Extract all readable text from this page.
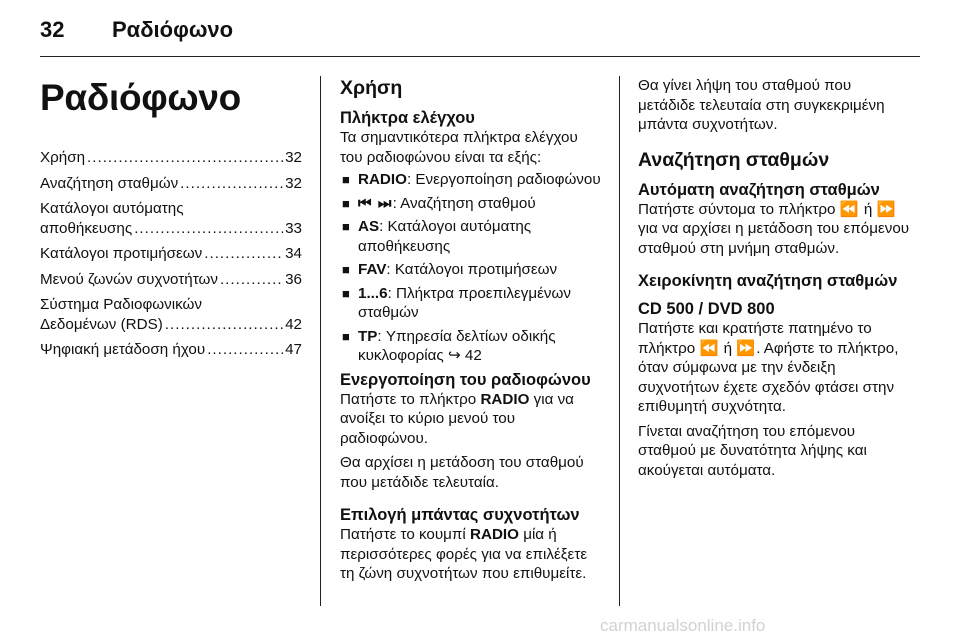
32 Ραδιόφωνο
Ραδιόφωνο
Χρήση .....	32
Αναζήτηση σταθμών .....	32
Κατάλογοι αυτόματης
αποθήκευσης .....	33
Κατάλογοι προτιμήσεων .....	34
Μενού ζωνών συχνοτήτων .....	36
Σύστημα Ραδιοφωνικών
Δεδομένων (RDS) .....	42
Ψηφιακή μετάδοση ήχου .....	47
Χρήση
Πλήκτρα ελέγχου

Τα σημαντικότερα πλήκτρα ελέγχου του ραδιοφώνου είναι τα εξής:

■ RADIO: Ενεργοποίηση ραδιοφώνου
■ ⏮ ⏭: Αναζήτηση σταθμού
■ AS: Κατάλογοι αυτόματης αποθήκευσης
■ FAV: Κατάλογοι προτιμήσεων
■ 1...6: Πλήκτρα προεπιλεγμένων σταθμών
■ TP: Υπηρεσία δελτίων οδικής κυκλοφορίας ↪ 42
Ενεργοποίηση του ραδιοφώνου

Πατήστε το πλήκτρο RADIO για να ανοίξει το κύριο μενού του ραδιοφώνου.

Θα αρχίσει η μετάδοση του σταθμού που μετάδιδε τελευταία.

Επιλογή μπάντας συχνοτήτων

Πατήστε το κουμπί RADIO μία ή περισσότερες φορές για να επιλέξετε τη ζώνη συχνοτήτων που επιθυμείτε.

Θα γίνει λήψη του σταθμού που μετάδιδε τελευταία στη συγκεκριμένη μπάντα συχνοτήτων.

Αναζήτηση σταθμών
Αυτόματη αναζήτηση σταθμών

Πατήστε σύντομα το πλήκτρο ⏪ ή ⏩ για να αρχίσει η μετάδοση του επόμενου σταθμού στη μνήμη σταθμών.

Χειροκίνητη αναζήτηση σταθμών
CD 500 / DVD 800

Πατήστε και κρατήστε πατημένο το πλήκτρο ⏪ ή ⏩. Αφήστε το πλήκτρο, όταν σύμφωνα με την ένδειξη συχνοτήτων έχετε σχεδόν φτάσει στην επιθυμητή συχνότητα.

Γίνεται αναζήτηση του επόμενου σταθμού με δυνατότητα λήψης και ακούγεται αυτόματα.

carmanualsonline.info
